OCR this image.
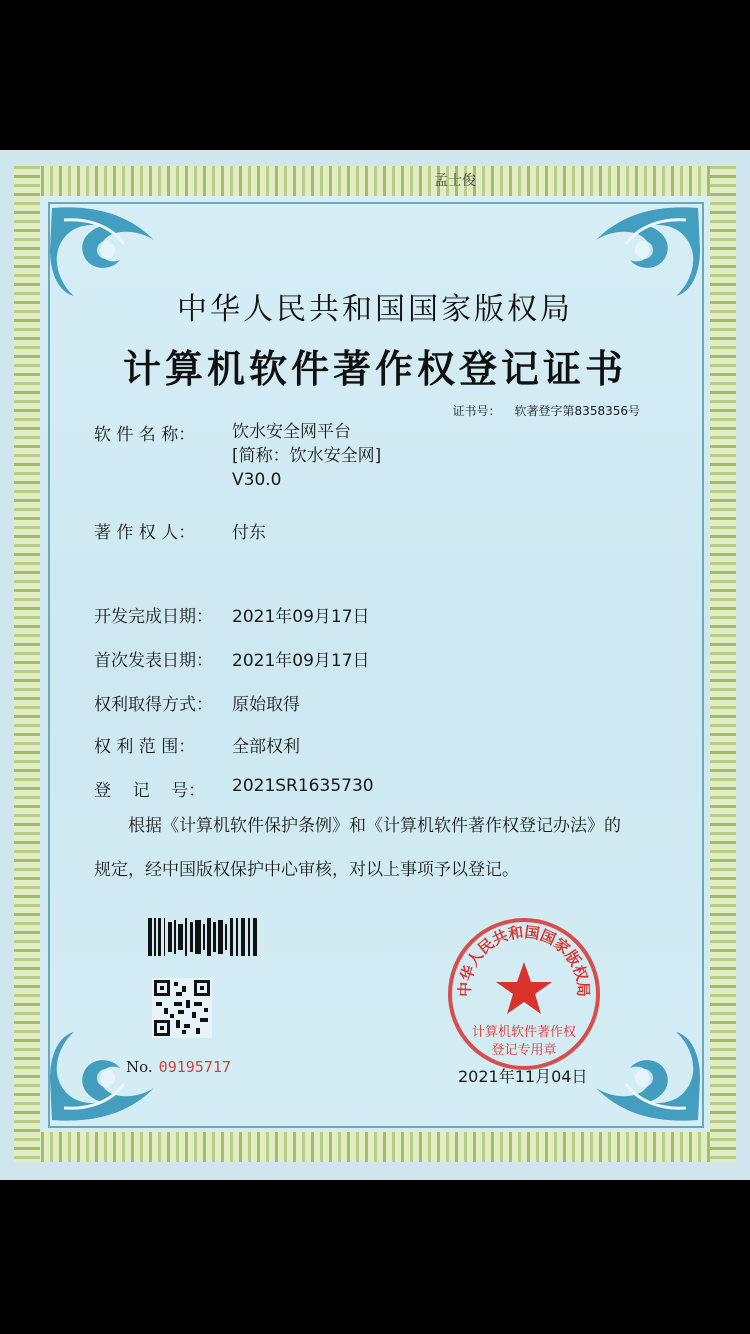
孟士俊
中华人民共和国国家版权局
计算机软件著作权登记证书
证书号： 软著登字第8358356号
软 件 名 称： 饮水安全网平台
[简称：饮水安全网]
V30.0
著 作 权 人： 付东
开发完成日期： 2021年09月17日
首次发表日期： 2021年09月17日
权利取得方式： 原始取得
权 利 范 围： 全部权利
登    记    号： 2021SR1635730
根据《计算机软件保护条例》和《计算机软件著作权登记办法》的
规定，经中国版权保护中心审核，对以上事项予以登记。
No. 09195717
中华人民共和国国家版权局
计算机软件著作权
登记专用章
2021年11月04日
